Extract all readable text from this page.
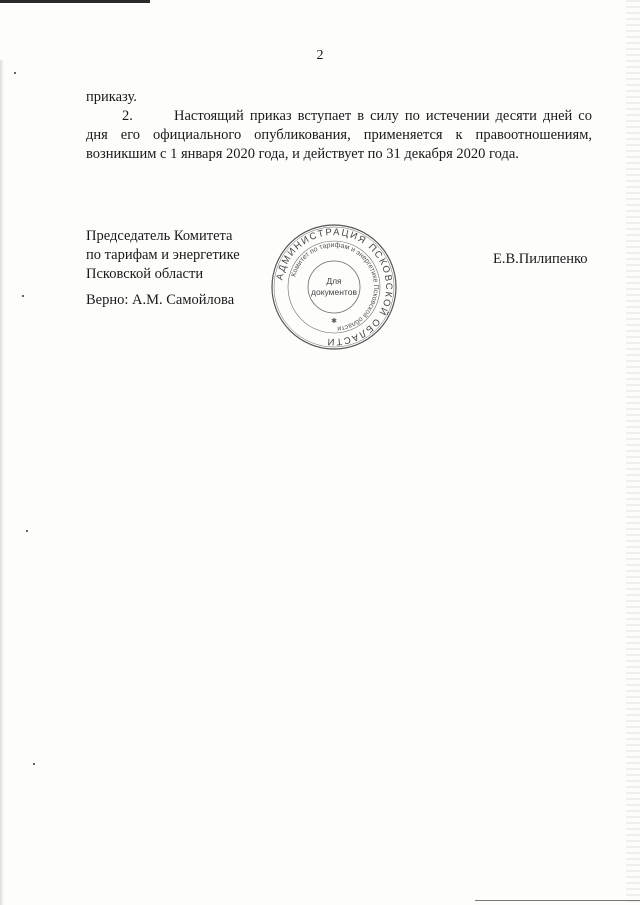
2

приказу.

2.	Настоящий приказ вступает в силу по истечении десяти дней со дня его официального опубликования, применяется к правоотношениям, возникшим с 1 января 2020 года, и действует по 31 декабря 2020 года.

Председатель Комитета
по тарифам и энергетике
Псковской области
Верно: А.М. Самойлова
Е.В.Пилипенко
АДМИНИСТРАЦИЯ ПСКОВСКОЙ ОБЛАСТИ
Комитет по тарифам и энергетике Псковской области
Для
документов
✱
